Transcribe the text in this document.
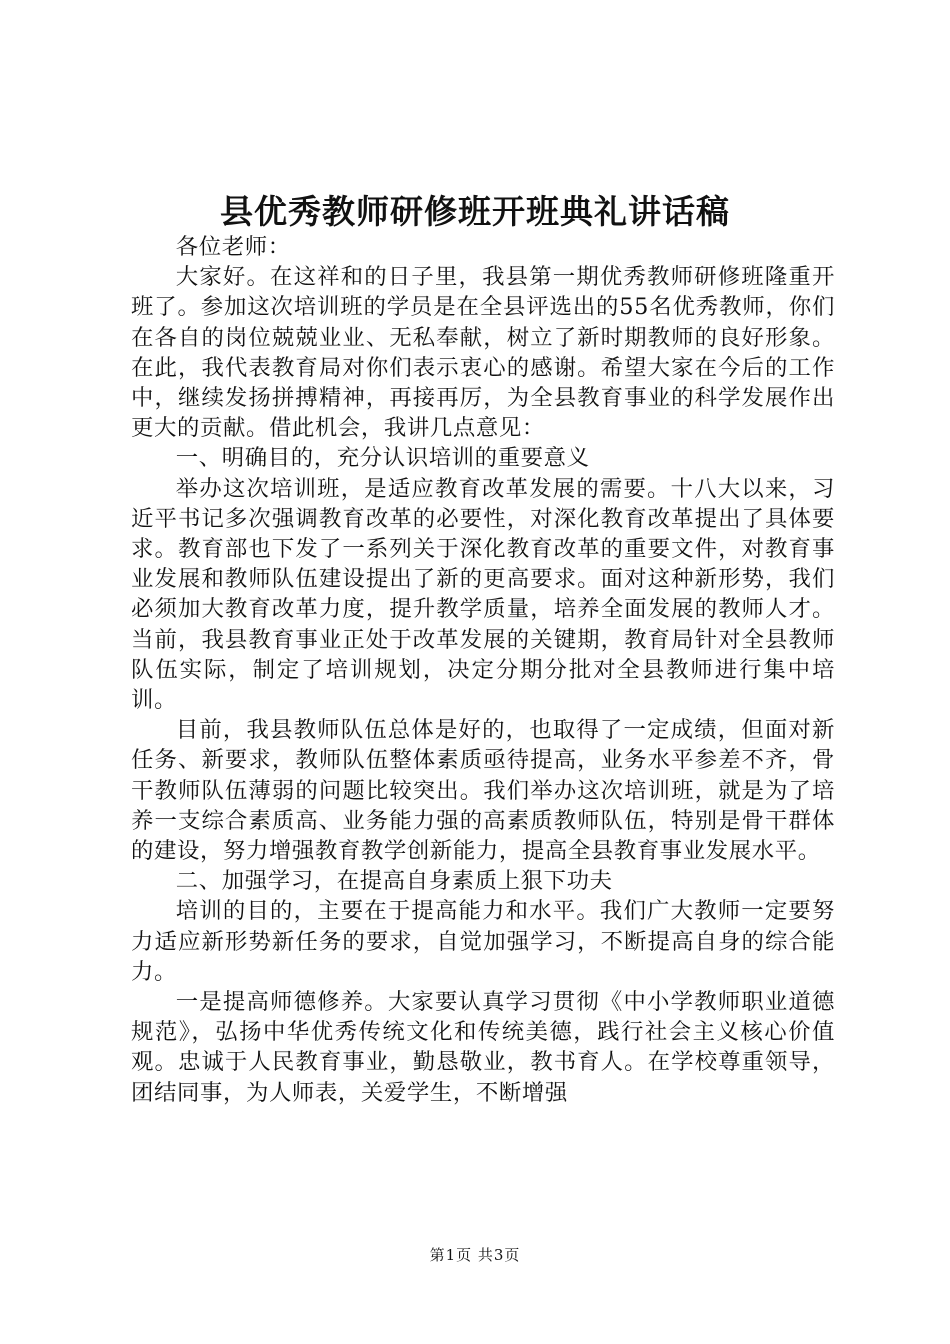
县优秀教师研修班开班典礼讲话稿

各位老师：

大家好。在这祥和的日子里，我县第一期优秀教师研修班隆重开班了。参加这次培训班的学员是在全县评选出的55名优秀教师，你们在各自的岗位兢兢业业、无私奉献，树立了新时期教师的良好形象。在此，我代表教育局对你们表示衷心的感谢。希望大家在今后的工作中，继续发扬拼搏精神，再接再厉，为全县教育事业的科学发展作出更大的贡献。借此机会，我讲几点意见：

一、明确目的，充分认识培训的重要意义

举办这次培训班，是适应教育改革发展的需要。十八大以来，习近平书记多次强调教育改革的必要性，对深化教育改革提出了具体要求。教育部也下发了一系列关于深化教育改革的重要文件，对教育事业发展和教师队伍建设提出了新的更高要求。面对这种新形势，我们必须加大教育改革力度，提升教学质量，培养全面发展的教师人才。当前，我县教育事业正处于改革发展的关键期，教育局针对全县教师队伍实际，制定了培训规划，决定分期分批对全县教师进行集中培训。

目前，我县教师队伍总体是好的，也取得了一定成绩，但面对新任务、新要求，教师队伍整体素质亟待提高，业务水平参差不齐，骨干教师队伍薄弱的问题比较突出。我们举办这次培训班，就是为了培养一支综合素质高、业务能力强的高素质教师队伍，特别是骨干群体的建设，努力增强教育教学创新能力，提高全县教育事业发展水平。

二、加强学习，在提高自身素质上狠下功夫

培训的目的，主要在于提高能力和水平。我们广大教师一定要努力适应新形势新任务的要求，自觉加强学习，不断提高自身的综合能力。

一是提高师德修养。大家要认真学习贯彻《中小学教师职业道德规范》，弘扬中华优秀传统文化和传统美德，践行社会主义核心价值观。忠诚于人民教育事业，勤恳敬业，教书育人。在学校尊重领导，团结同事，为人师表，关爱学生，不断增强

第1页 共3页
